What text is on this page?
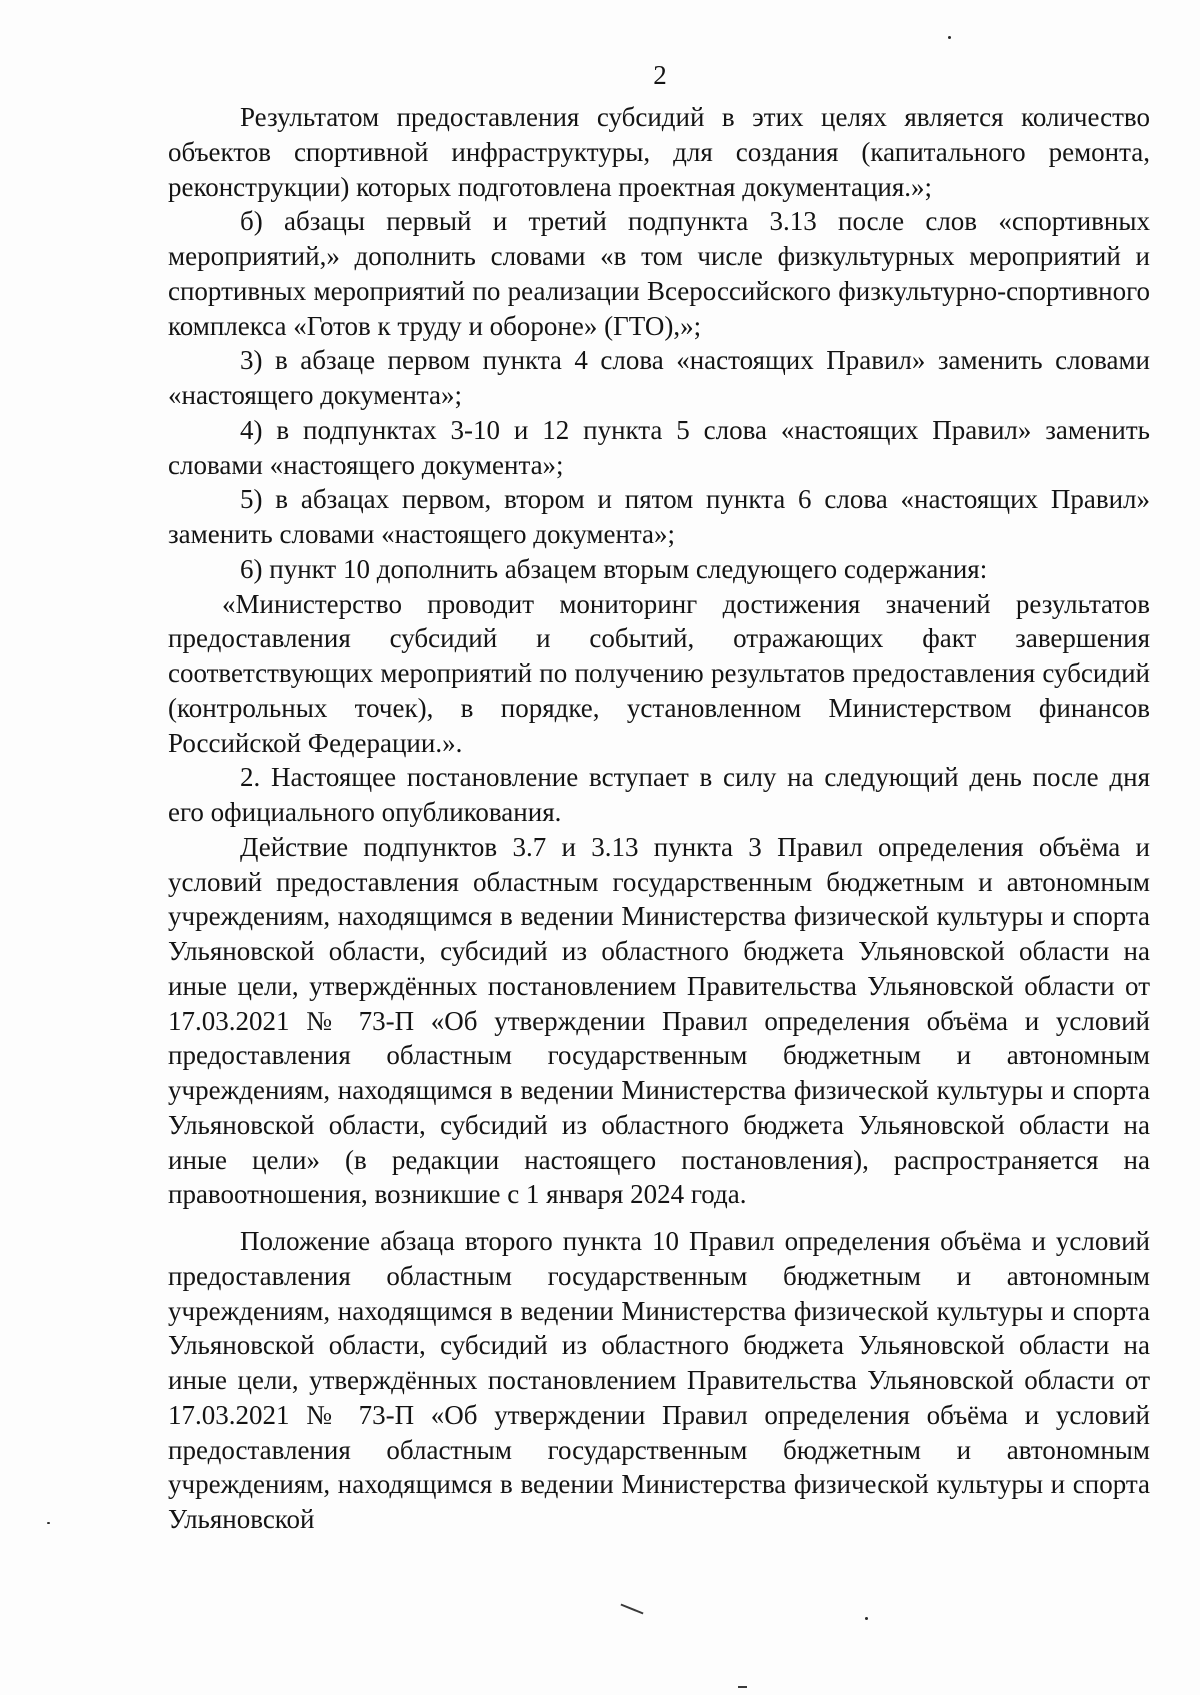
2

Результатом предоставления субсидий в этих целях является количество объектов спортивной инфраструктуры, для создания (капитального ремонта, реконструкции) которых подготовлена проектная документация.»;

б) абзацы первый и третий подпункта 3.13 после слов «спортивных мероприятий,» дополнить словами «в том числе физкультурных мероприятий и спортивных мероприятий по реализации Всероссийского физкультурно-спортивного комплекса «Готов к труду и обороне» (ГТО),»;

3) в абзаце первом пункта 4 слова «настоящих Правил» заменить словами «настоящего документа»;

4) в подпунктах 3-10 и 12 пункта 5 слова «настоящих Правил» заменить словами «настоящего документа»;

5) в абзацах первом, втором и пятом пункта 6 слова «настоящих Правил» заменить словами «настоящего документа»;

6) пункт 10 дополнить абзацем вторым следующего содержания:

«Министерство проводит мониторинг достижения значений результатов предоставления субсидий и событий, отражающих факт завершения соответствующих мероприятий по получению результатов предоставления субсидий (контрольных точек), в порядке, установленном Министерством финансов Российской Федерации.».

2. Настоящее постановление вступает в силу на следующий день после дня его официального опубликования.

Действие подпунктов 3.7 и 3.13 пункта 3 Правил определения объёма и условий предоставления областным государственным бюджетным и автономным учреждениям, находящимся в ведении Министерства физической культуры и спорта Ульяновской области, субсидий из областного бюджета Ульяновской области на иные цели, утверждённых постановлением Правительства Ульяновской области от 17.03.2021 № 73-П «Об утверждении Правил определения объёма и условий предоставления областным государственным бюджетным и автономным учреждениям, находящимся в ведении Министерства физической культуры и спорта Ульяновской области, субсидий из областного бюджета Ульяновской области на иные цели» (в редакции настоящего постановления), распространяется на правоотношения, возникшие с 1 января 2024 года.

Положение абзаца второго пункта 10 Правил определения объёма и условий предоставления областным государственным бюджетным и автономным учреждениям, находящимся в ведении Министерства физической культуры и спорта Ульяновской области, субсидий из областного бюджета Ульяновской области на иные цели, утверждённых постановлением Правительства Ульяновской области от 17.03.2021 № 73-П «Об утверждении Правил определения объёма и условий предоставления областным государственным бюджетным и автономным учреждениям, находящимся в ведении Министерства физической культуры и спорта Ульяновской
